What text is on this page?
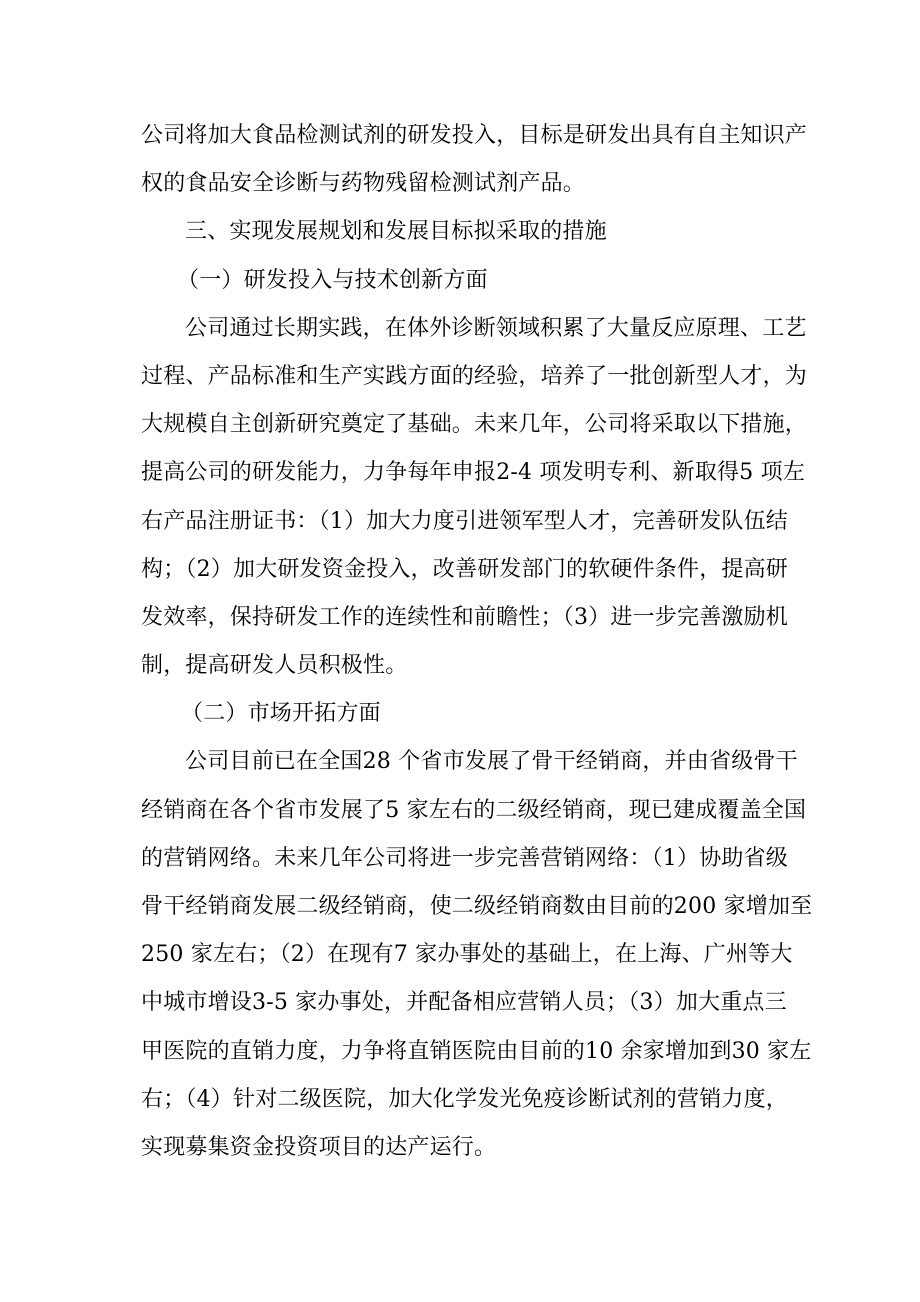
公司将加大食品检测试剂的研发投入，目标是研发出具有自主知识产
权的食品安全诊断与药物残留检测试剂产品。
三、实现发展规划和发展目标拟采取的措施
（一）研发投入与技术创新方面
公司通过长期实践，在体外诊断领域积累了大量反应原理、工艺
过程、产品标准和生产实践方面的经验，培养了一批创新型人才，为
大规模自主创新研究奠定了基础。未来几年，公司将采取以下措施，
提高公司的研发能力，力争每年申报2-4 项发明专利、新取得5 项左
右产品注册证书：（1）加大力度引进领军型人才，完善研发队伍结
构；（2）加大研发资金投入，改善研发部门的软硬件条件，提高研
发效率，保持研发工作的连续性和前瞻性；（3）进一步完善激励机
制，提高研发人员积极性。
（二）市场开拓方面
公司目前已在全国28 个省市发展了骨干经销商，并由省级骨干
经销商在各个省市发展了5 家左右的二级经销商，现已建成覆盖全国
的营销网络。未来几年公司将进一步完善营销网络：（1）协助省级
骨干经销商发展二级经销商，使二级经销商数由目前的200 家增加至
250 家左右；（2）在现有7 家办事处的基础上，在上海、广州等大
中城市增设3-5 家办事处，并配备相应营销人员；（3）加大重点三
甲医院的直销力度，力争将直销医院由目前的10 余家增加到30 家左
右；（4）针对二级医院，加大化学发光免疫诊断试剂的营销力度，
实现募集资金投资项目的达产运行。
